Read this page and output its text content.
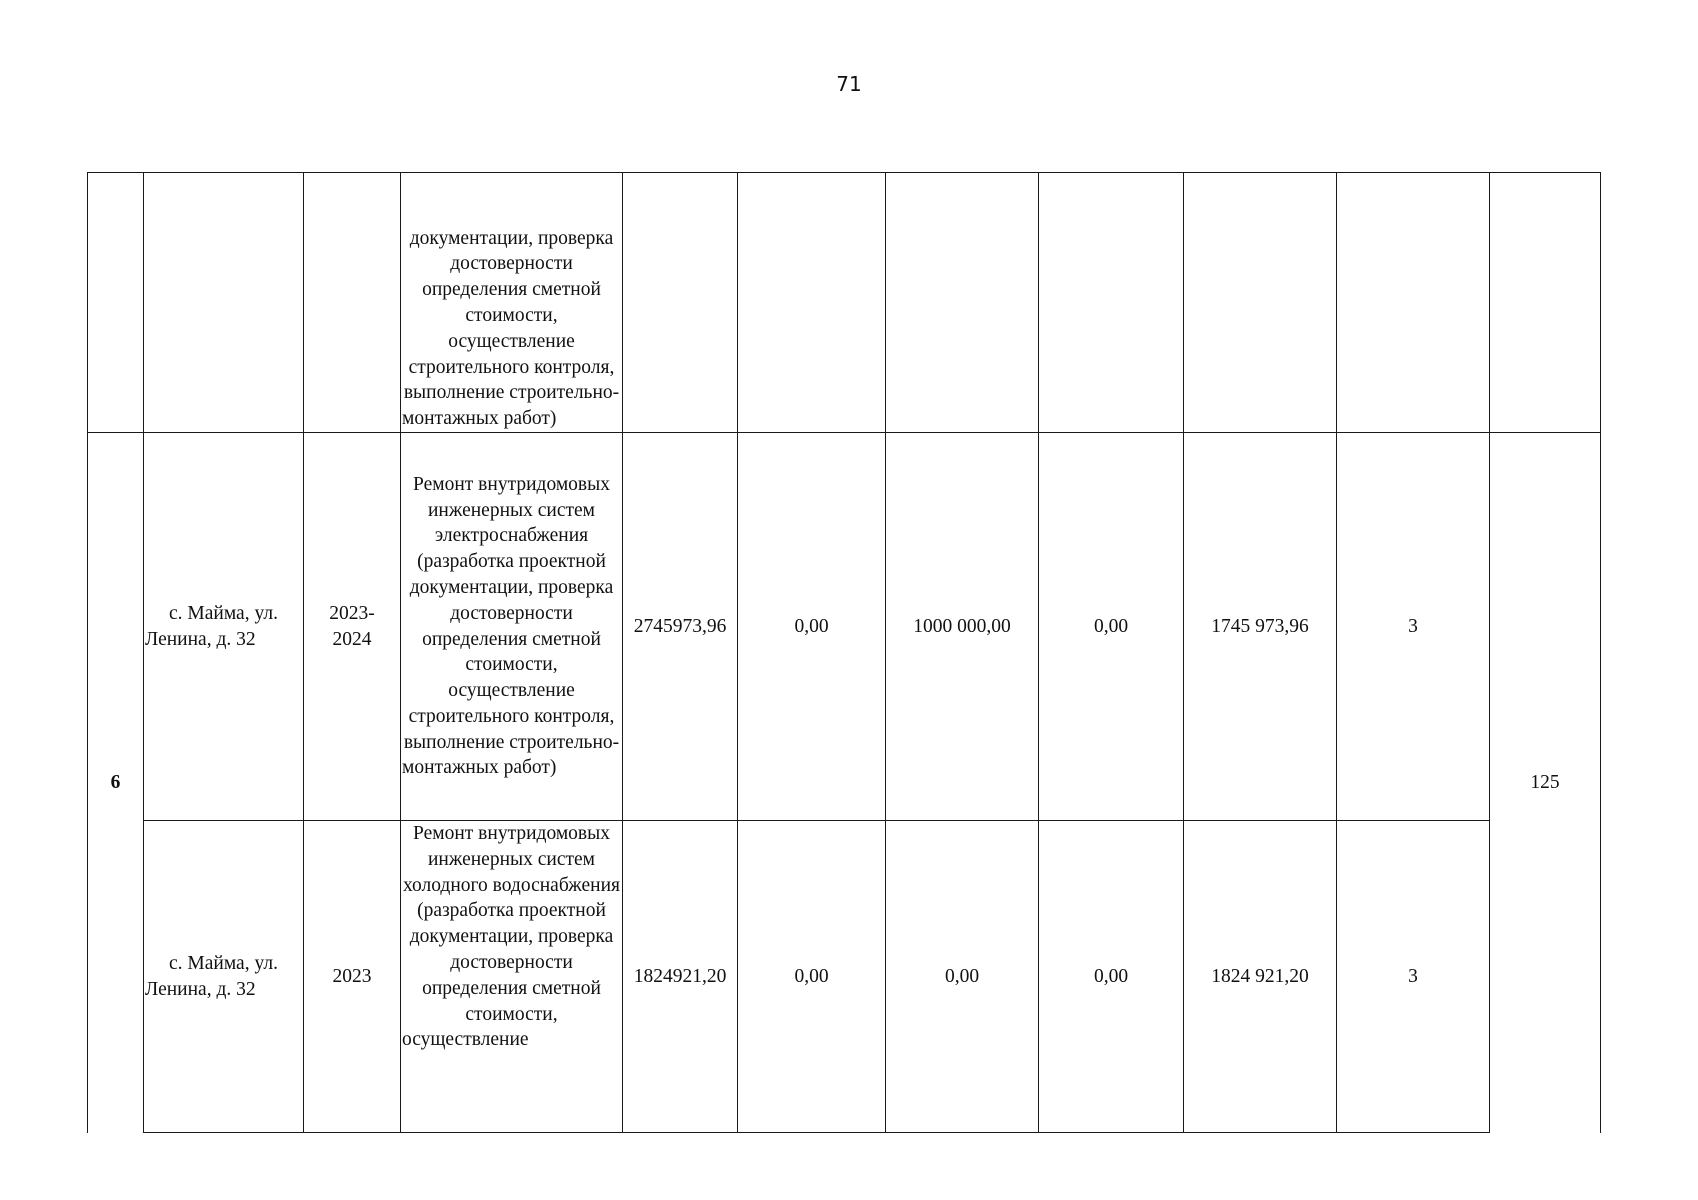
71

			документации, проверка достоверности определения сметной стоимости, осуществление строительного контроля, выполнение строительно-монтажных работ)							

6	с. Майма, ул. Ленина, д. 32	2023-2024	Ремонт внутридомовых инженерных систем электроснабжения (разработка проектной документации, проверка достоверности определения сметной стоимости, осуществление строительного контроля, выполнение строительно-монтажных работ)	2745973,96	0,00	1000 000,00	0,00	1745 973,96	3	125

	с. Майма, ул. Ленина, д. 32	2023	Ремонт внутридомовых инженерных систем холодного водоснабжения (разработка проектной документации, проверка достоверности определения сметной стоимости, осуществление	1824921,20	0,00	0,00	0,00	1824 921,20	3	
